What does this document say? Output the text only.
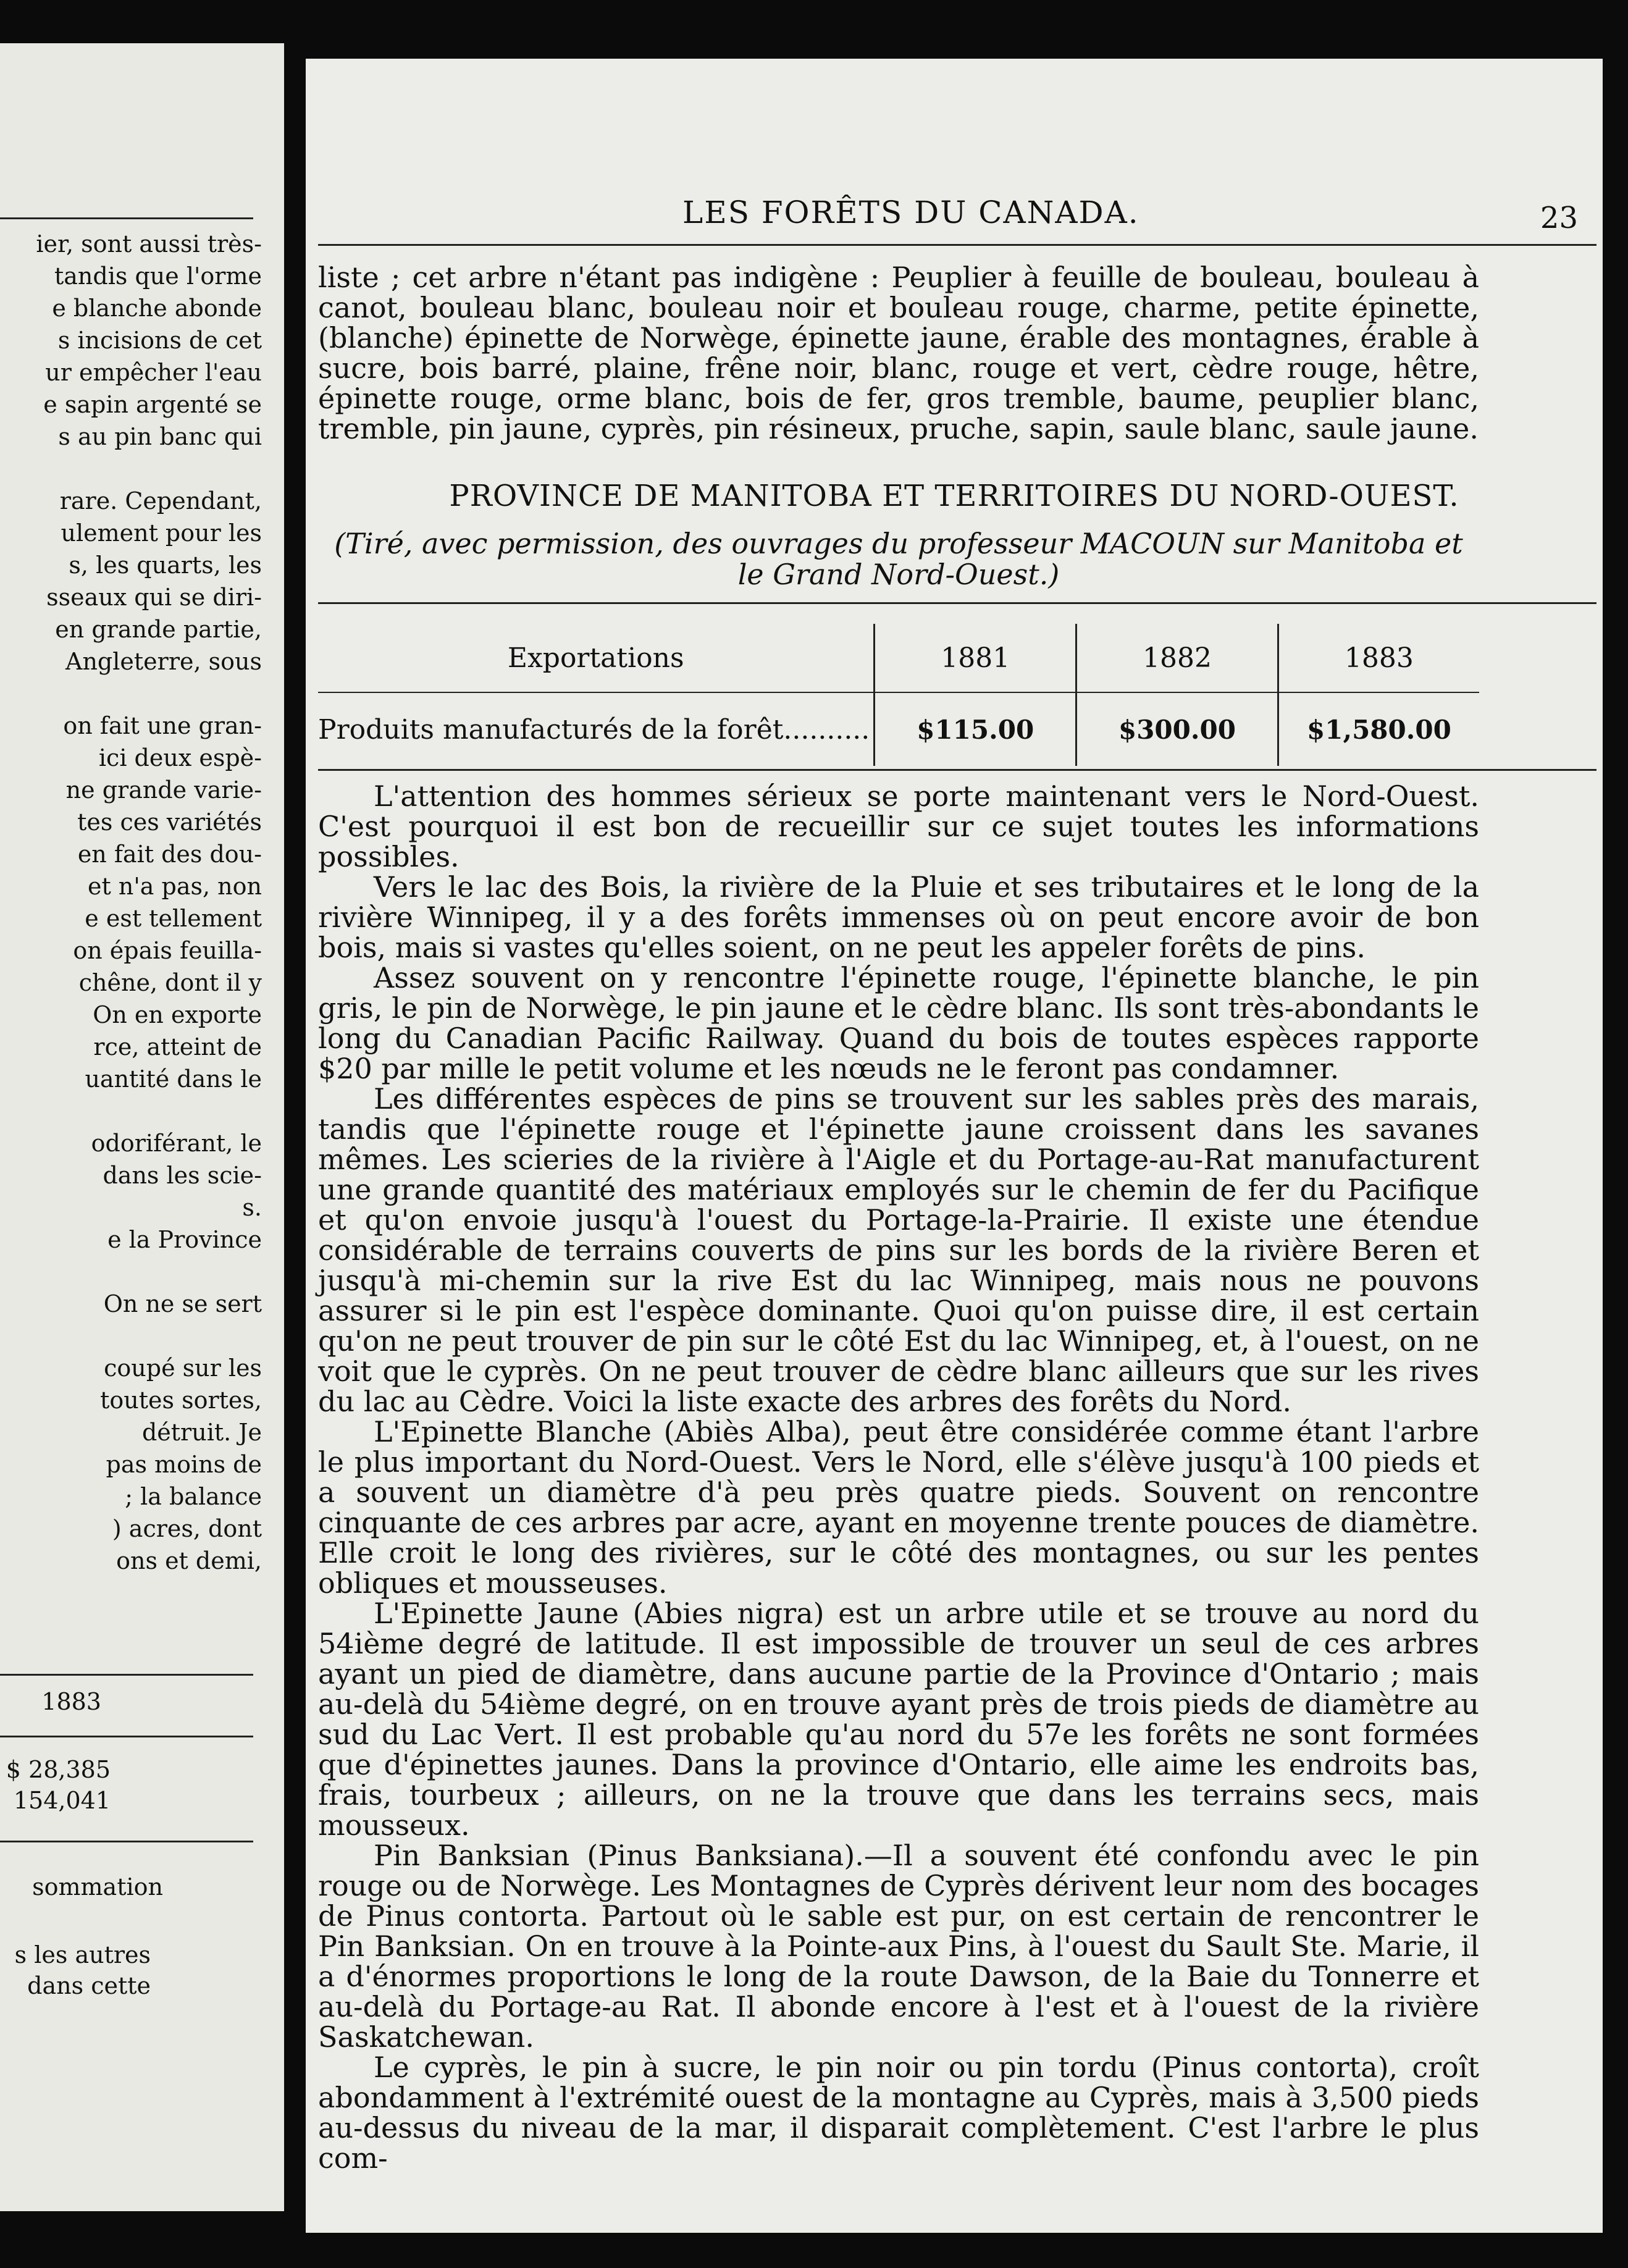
ier, sont aussi très-
tandis que l'orme
e blanche abonde
s incisions de cet
ur empêcher l'eau
e sapin argenté se
s au pin banc qui
rare. Cependant,
ulement pour les
s, les quarts, les
sseaux qui se diri-
en grande partie,
Angleterre, sous
on fait une gran-
ici deux espè-
ne grande varie-
tes ces variétés
en fait des dou-
et n'a pas, non
e est tellement
on épais feuilla-
chêne, dont il y
On en exporte
rce, atteint de
uantité dans le
odoriférant, le
dans les scie-
s.
e la Province
On ne se sert
coupé sur les
toutes sortes,
détruit. Je
pas moins de
; la balance
) acres, dont
ons et demi,
1883
$ 28,385
154,041
sommation
s les autres
dans cette
LES FORÊTS DU CANADA.	23

liste ; cet arbre n'étant pas indigène : Peuplier à feuille de bouleau, bouleau à canot, bouleau blanc, bouleau noir et bouleau rouge, charme, petite épinette, (blanche) épinette de Norwège, épinette jaune, érable des montagnes, érable à sucre, bois barré, plaine, frêne noir, blanc, rouge et vert, cèdre rouge, hêtre, épinette rouge, orme blanc, bois de fer, gros tremble, baume, peuplier blanc, tremble, pin jaune, cyprès, pin résineux, pruche, sapin, saule blanc, saule jaune.

PROVINCE DE MANITOBA ET TERRITOIRES DU NORD-OUEST.
(Tiré, avec permission, des ouvrages du professeur MACOUN sur Manitoba et le Grand Nord-Ouest.)
Exportations	1881	1882	1883
Produits manufacturés de la forêt..........	$115.00	$300.00	$1,580.00

L'attention des hommes sérieux se porte maintenant vers le Nord-Ouest. C'est pourquoi il est bon de recueillir sur ce sujet toutes les informations possibles.

Vers le lac des Bois, la rivière de la Pluie et ses tributaires et le long de la rivière Winnipeg, il y a des forêts immenses où on peut encore avoir de bon bois, mais si vastes qu'elles soient, on ne peut les appeler forêts de pins.

Assez souvent on y rencontre l'épinette rouge, l'épinette blanche, le pin gris, le pin de Norwège, le pin jaune et le cèdre blanc. Ils sont très-abondants le long du Canadian Pacific Railway. Quand du bois de toutes espèces rapporte $20 par mille le petit volume et les nœuds ne le feront pas condamner.

Les différentes espèces de pins se trouvent sur les sables près des marais, tandis que l'épinette rouge et l'épinette jaune croissent dans les savanes mêmes. Les scieries de la rivière à l'Aigle et du Portage-au-Rat manufacturent une grande quantité des matériaux employés sur le chemin de fer du Pacifique et qu'on envoie jusqu'à l'ouest du Portage-la-Prairie. Il existe une étendue considérable de terrains couverts de pins sur les bords de la rivière Beren et jusqu'à mi-chemin sur la rive Est du lac Winnipeg, mais nous ne pouvons assurer si le pin est l'espèce dominante. Quoi qu'on puisse dire, il est certain qu'on ne peut trouver de pin sur le côté Est du lac Winnipeg, et, à l'ouest, on ne voit que le cyprès. On ne peut trouver de cèdre blanc ailleurs que sur les rives du lac au Cèdre. Voici la liste exacte des arbres des forêts du Nord.

L'Epinette Blanche (Abiès Alba), peut être considérée comme étant l'arbre le plus important du Nord-Ouest. Vers le Nord, elle s'élève jusqu'à 100 pieds et a souvent un diamètre d'à peu près quatre pieds. Souvent on rencontre cinquante de ces arbres par acre, ayant en moyenne trente pouces de diamètre. Elle croit le long des rivières, sur le côté des montagnes, ou sur les pentes obliques et mousseuses.

L'Epinette Jaune (Abies nigra) est un arbre utile et se trouve au nord du 54ième degré de latitude. Il est impossible de trouver un seul de ces arbres ayant un pied de diamètre, dans aucune partie de la Province d'Ontario ; mais au-delà du 54ième degré, on en trouve ayant près de trois pieds de diamètre au sud du Lac Vert. Il est probable qu'au nord du 57e les forêts ne sont formées que d'épinettes jaunes. Dans la province d'Ontario, elle aime les endroits bas, frais, tourbeux ; ailleurs, on ne la trouve que dans les terrains secs, mais mousseux.

Pin Banksian (Pinus Banksiana).—Il a souvent été confondu avec le pin rouge ou de Norwège. Les Montagnes de Cyprès dérivent leur nom des bocages de Pinus contorta. Partout où le sable est pur, on est certain de rencontrer le Pin Banksian. On en trouve à la Pointe-aux Pins, à l'ouest du Sault Ste. Marie, il a d'énormes proportions le long de la route Dawson, de la Baie du Tonnerre et au-delà du Portage-au Rat. Il abonde encore à l'est et à l'ouest de la rivière Saskatchewan.

Le cyprès, le pin à sucre, le pin noir ou pin tordu (Pinus contorta), croît abondamment à l'extrémité ouest de la montagne au Cyprès, mais à 3,500 pieds au-dessus du niveau de la mar, il disparait complètement. C'est l'arbre le plus com-
